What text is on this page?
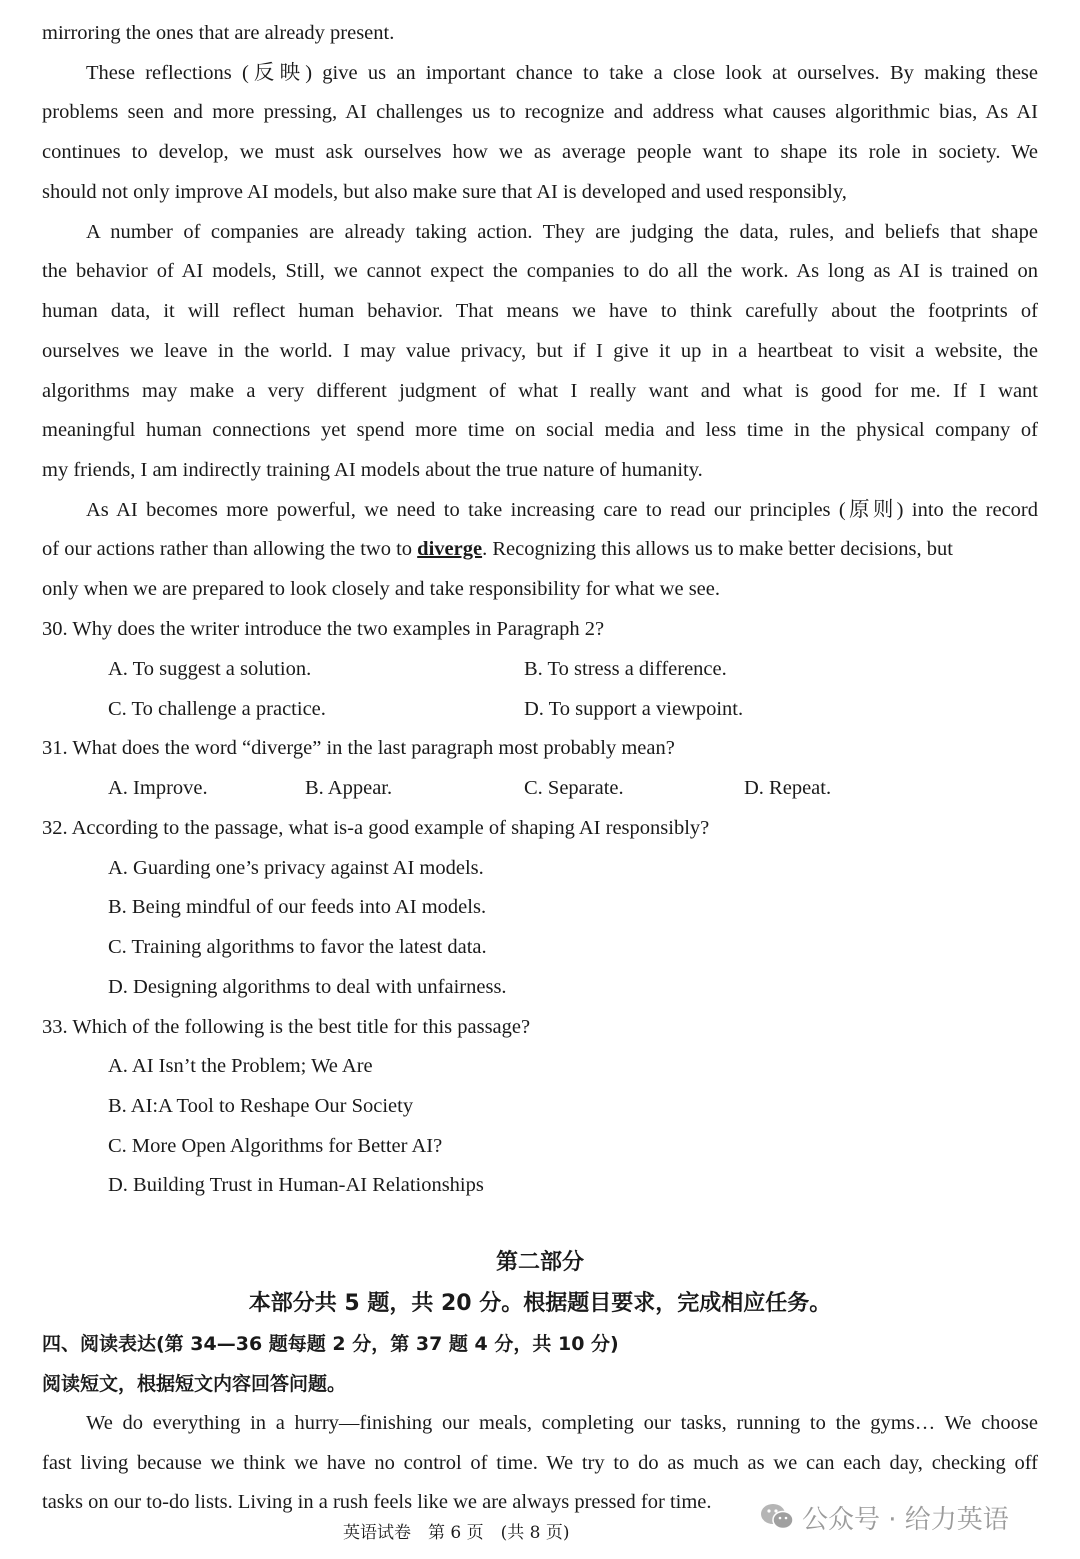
mirroring the ones that are already present.
These reflections (反映) give us an important chance to take a close look at ourselves. By making these
problems seen and more pressing, AI challenges us to recognize and address what causes algorithmic bias, As AI
continues to develop, we must ask ourselves how we as average people want to shape its role in society. We
should not only improve AI models, but also make sure that AI is developed and used responsibly,
A number of companies are already taking action. They are judging the data, rules, and beliefs that shape
the behavior of AI models, Still, we cannot expect the companies to do all the work. As long as AI is trained on
human data, it will reflect human behavior. That means we have to think carefully about the footprints of
ourselves we leave in the world. I may value privacy, but if I give it up in a heartbeat to visit a website, the
algorithms may make a very different judgment of what I really want and what is good for me. If I want
meaningful human connections yet spend more time on social media and less time in the physical company of
my friends, I am indirectly training AI models about the true nature of humanity.
As AI becomes more powerful, we need to take increasing care to read our principles (原则) into the record
of our actions rather than allowing the two to diverge. Recognizing this allows us to make better decisions, but
only when we are prepared to look closely and take responsibility for what we see.
30. Why does the writer introduce the two examples in Paragraph 2?
A. To suggest a solution.	B. To stress a difference.
C. To challenge a practice.	D. To support a viewpoint.
31. What does the word “diverge” in the last paragraph most probably mean?
A. Improve.	B. Appear.	C. Separate.	D. Repeat.
32. According to the passage, what is-a good example of shaping AI responsibly?
A. Guarding one’s privacy against AI models.
B. Being mindful of our feeds into AI models.
C. Training algorithms to favor the latest data.
D. Designing algorithms to deal with unfairness.
33. Which of the following is the best title for this passage?
A. AI Isn’t the Problem; We Are
B. AI:A Tool to Reshape Our Society
C. More Open Algorithms for Better AI?
D. Building Trust in Human-AI Relationships
第二部分
本部分共 5 题，共 20 分。根据题目要求，完成相应任务。
四、阅读表达(第 34—36 题每题 2 分，第 37 题 4 分，共 10 分)
阅读短文，根据短文内容回答问题。
We do everything in a hurry—finishing our meals, completing our tasks, running to the gyms… We choose
fast living because we think we have no control of time. We try to do as much as we can each day, checking off
tasks on our to-do lists. Living in a rush feels like we are always pressed for time.
公众号 · 给力英语
英语试卷　第 6 页　(共 8 页)
